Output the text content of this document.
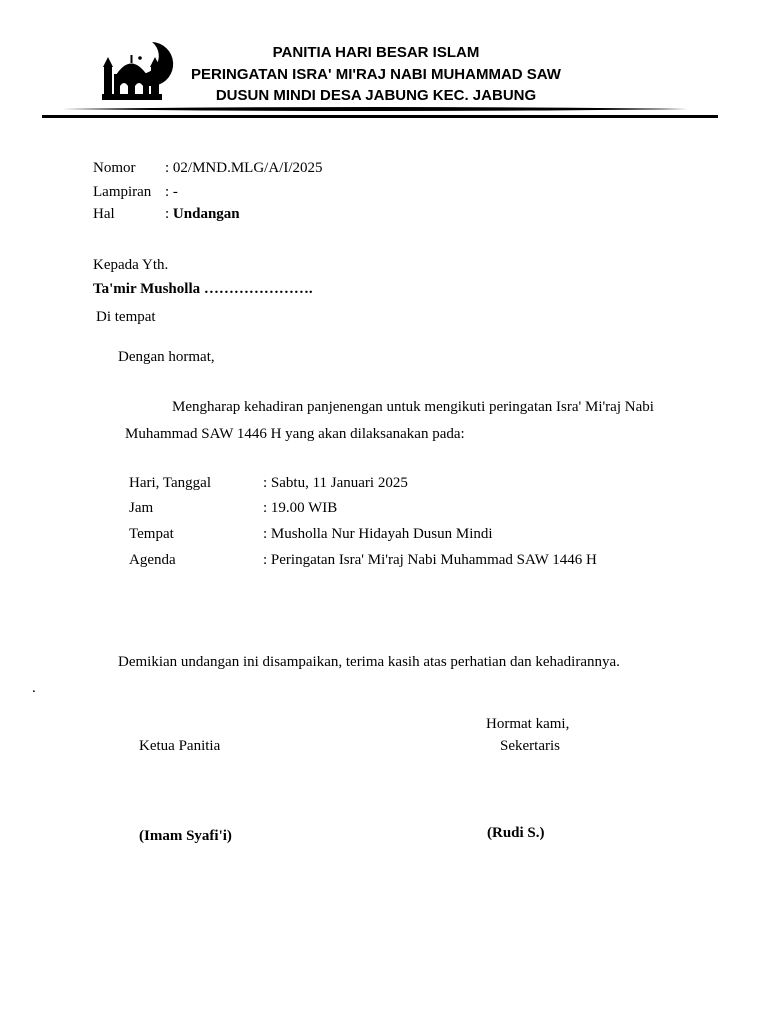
PANITIA HARI BESAR ISLAM
PERINGATAN ISRA' MI'RAJ NABI MUHAMMAD SAW
DUSUN MINDI DESA JABUNG KEC. JABUNG
Nomor : 02/MND.MLG/A/I/2025
Lampiran : -
Hal	: Undangan
Kepada Yth.
Ta'mir Musholla ………………….
Di tempat
Dengan hormat,
Mengharap kehadiran panjenengan untuk mengikuti peringatan Isra' Mi'raj Nabi
Muhammad SAW 1446 H yang akan dilaksanakan pada:
Hari, Tanggal	: Sabtu, 11 Januari 2025
Jam	: 19.00 WIB
Tempat	: Musholla Nur Hidayah Dusun Mindi
Agenda	: Peringatan Isra' Mi'raj Nabi Muhammad SAW 1446 H
Demikian undangan ini disampaikan, terima kasih atas perhatian dan kehadirannya.
.
Hormat kami,
Ketua Panitia	Sekertaris
(Imam Syafi'i)	(Rudi S.)
